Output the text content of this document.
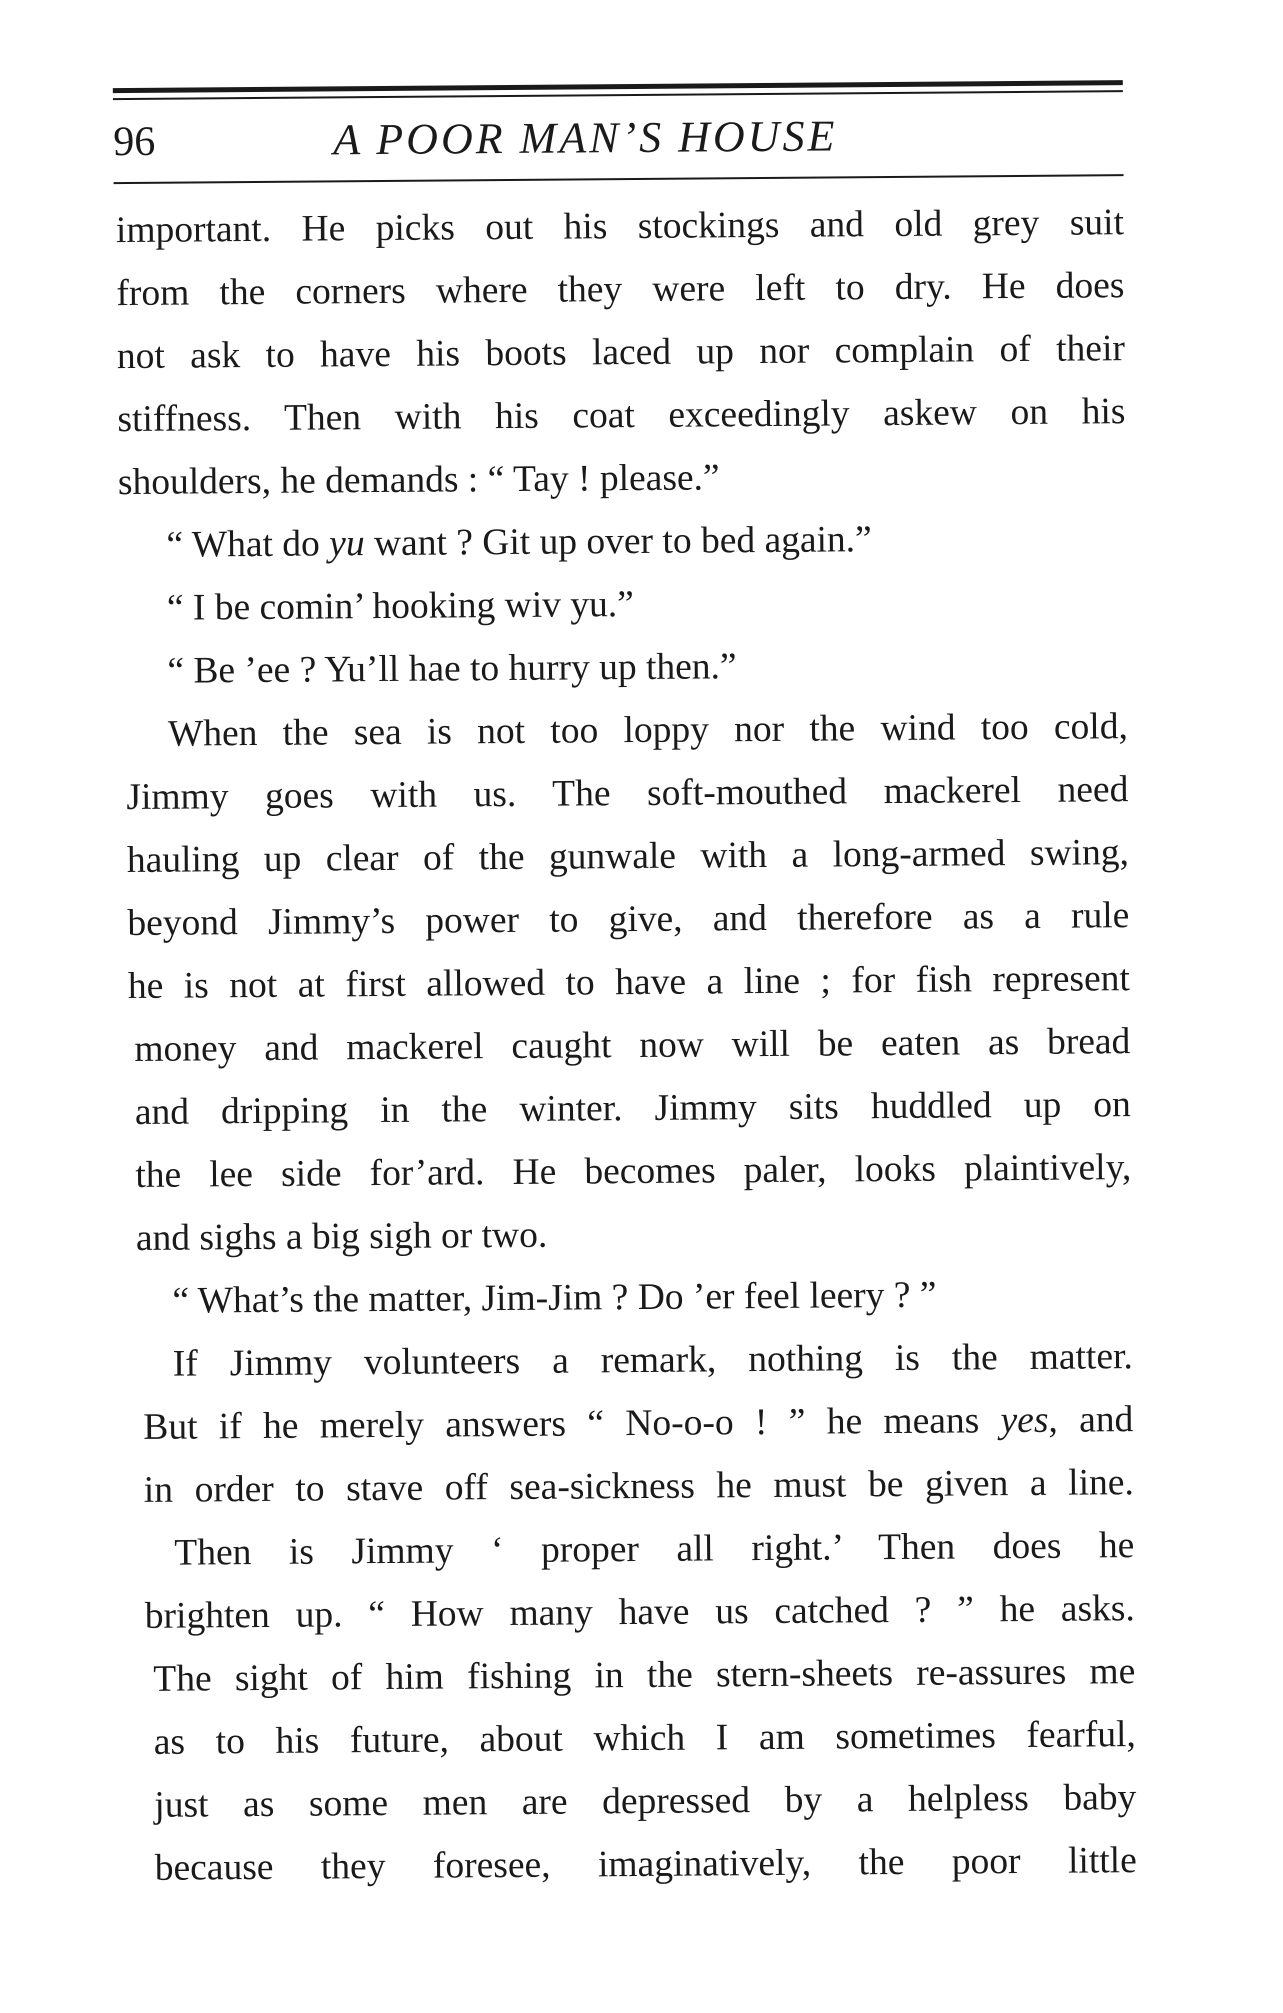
96	A POOR MAN’S HOUSE
important. He picks out his stockings and old grey suit
from the corners where they were left to dry. He does
not ask to have his boots laced up nor complain of their
stiffness. Then with his coat exceedingly askew on his
shoulders, he demands : “ Tay ! please.”
“ What do yu want ? Git up over to bed again.”
“ I be comin’ hooking wiv yu.”
“ Be ’ee ? Yu’ll hae to hurry up then.”
When the sea is not too loppy nor the wind too cold,
Jimmy goes with us. The soft-mouthed mackerel need
hauling up clear of the gunwale with a long-armed swing,
beyond Jimmy’s power to give, and therefore as a rule
he is not at first allowed to have a line ; for fish represent
money and mackerel caught now will be eaten as bread
and dripping in the winter. Jimmy sits huddled up on
the lee side for’ard. He becomes paler, looks plaintively,
and sighs a big sigh or two.
“ What’s the matter, Jim-Jim ? Do ’er feel leery ? ”
If Jimmy volunteers a remark, nothing is the matter.
But if he merely answers “ No-o-o ! ” he means yes, and
in order to stave off sea-sickness he must be given a line.
Then is Jimmy ‘ proper all right.’ Then does he
brighten up. “ How many have us catched ? ” he asks.
The sight of him fishing in the stern-sheets re-assures me
as to his future, about which I am sometimes fearful,
just as some men are depressed by a helpless baby
because they foresee, imaginatively, the poor little
